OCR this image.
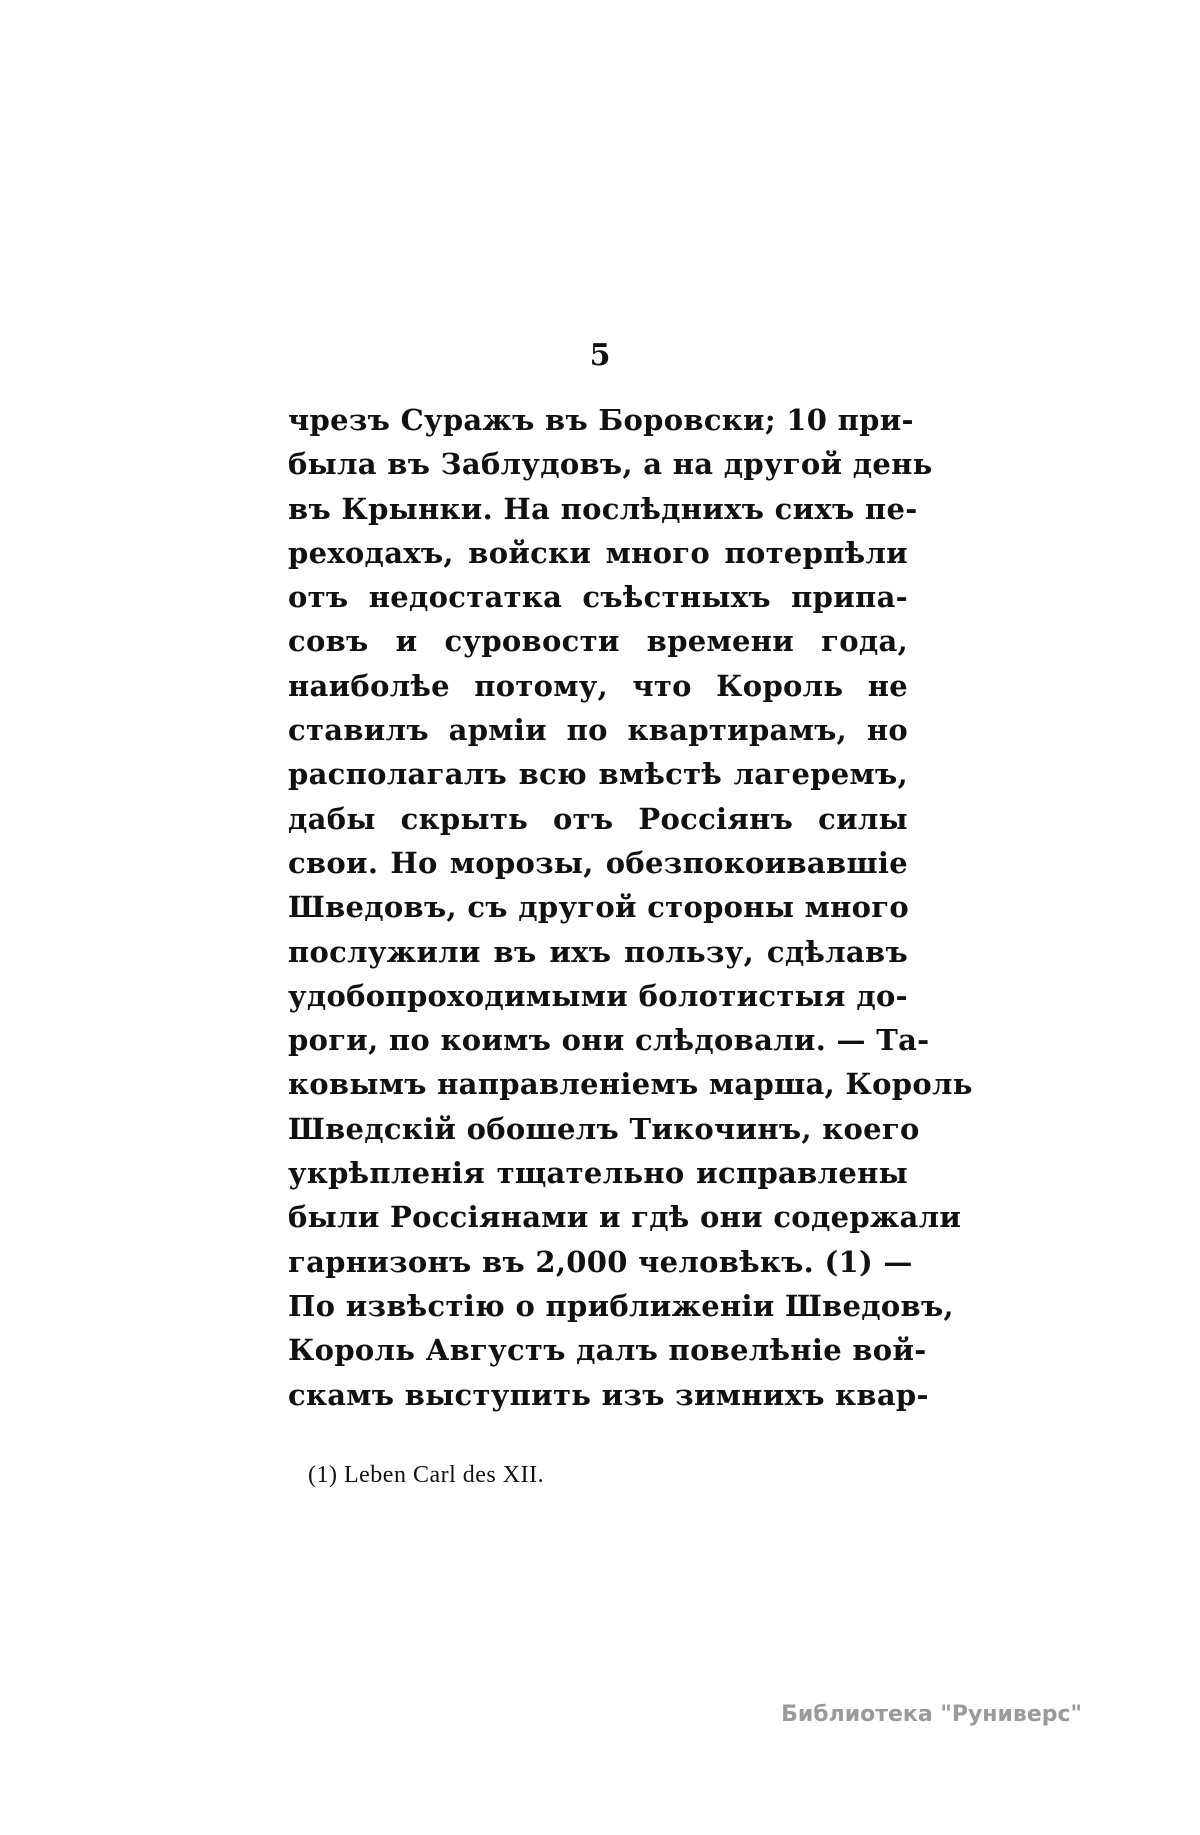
5
чрезъ Суражъ въ Боровски; 10 при-
была въ Заблудовъ, а на другой день
въ Крынки. На послѣднихъ сихъ пе-
реходахъ, войски много потерпѣли
отъ недостатка съѣстныхъ припа-
совъ и суровости времени года,
наиболѣе потому, что Король не
ставилъ арміи по квартирамъ, но
располагалъ всю вмѣстѣ лагеремъ,
дабы скрыть отъ Россіянъ силы
свои. Но морозы, обезпокоивавшіе
Шведовъ, съ другой стороны много
послужили въ ихъ пользу, сдѣлавъ
удобопроходимыми болотистыя до-
роги, по коимъ они слѣдовали. — Та-
ковымъ направленіемъ марша, Король
Шведскій обошелъ Тикочинъ, коего
укрѣпленія тщательно исправлены
были Россіянами и гдѣ они содержали
гарнизонъ въ 2,000 человѣкъ. (1) —
По извѣстію о приближеніи Шведовъ,
Король Августъ далъ повелѣніе вой-
скамъ выступить изъ зимнихъ квар-
(1) Leben Carl des XII.
Библиотека "Руниверс"
